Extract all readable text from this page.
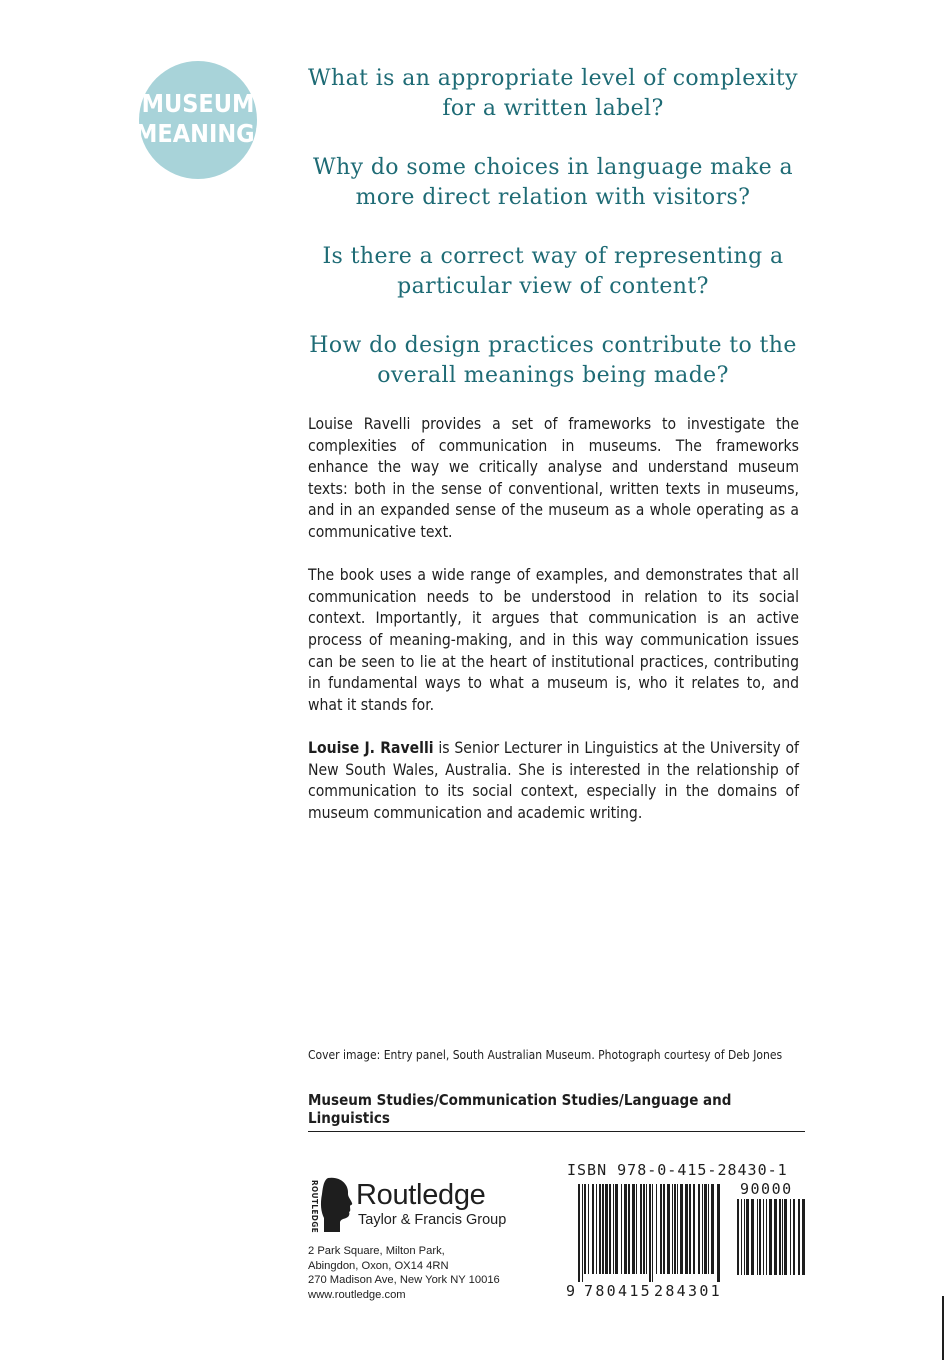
MUSEUM
MEANINGS

What is an appropriate level of complexity for a written label?

Why do some choices in language make a more direct relation with visitors?

Is there a correct way of representing a particular view of content?

How do design practices contribute to the overall meanings being made?

Louise Ravelli provides a set of frameworks to investigate the complexities of communication in museums. The frameworks enhance the way we critically analyse and understand museum texts: both in the sense of conventional, written texts in museums, and in an expanded sense of the museum as a whole operating as a communicative text.

The book uses a wide range of examples, and demonstrates that all communication needs to be understood in relation to its social context. Importantly, it argues that communication is an active process of meaning-making, and in this way communication issues can be seen to lie at the heart of institutional practices, contributing in fundamental ways to what a museum is, who it relates to, and what it stands for.

Louise J. Ravelli is Senior Lecturer in Linguistics at the University of New South Wales, Australia. She is interested in the relationship of communication to its social context, especially in the domains of museum communication and academic writing.

Cover image: Entry panel, South Australian Museum. Photograph courtesy of Deb Jones
Museum Studies/Communication Studies/Language and Linguistics
ROUTLEDGE Routledge
Taylor & Francis Group
2 Park Square, Milton Park,
Abingdon, Oxon, OX14 4RN
270 Madison Ave, New York NY 10016
www.routledge.com
ISBN 978-0-415-28430-1
90000
9 780415 284301
